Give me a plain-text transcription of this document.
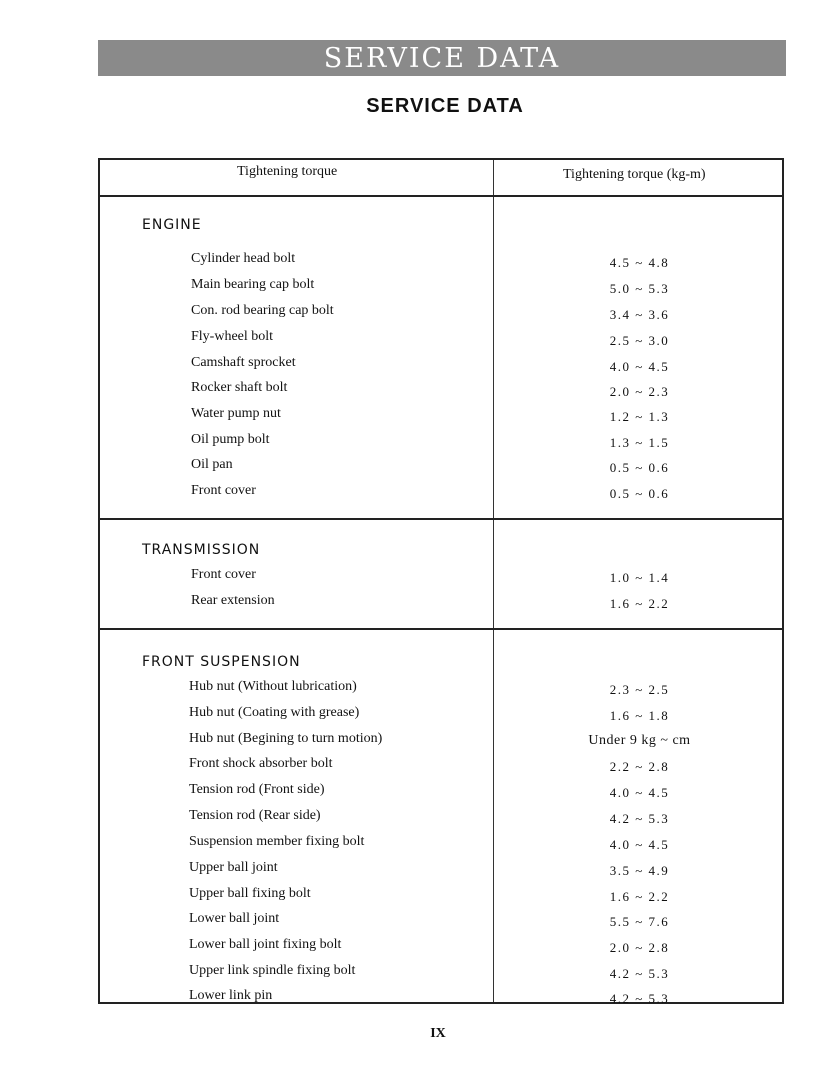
SERVICE DATA
SERVICE DATA
Tightening torque	Tightening torque (kg-m)
ENGINE
Cylinder head bolt	4.5 ~ 4.8
Main bearing cap bolt	5.0 ~ 5.3
Con. rod bearing cap bolt	3.4 ~ 3.6
Fly-wheel bolt	2.5 ~ 3.0
Camshaft sprocket	4.0 ~ 4.5
Rocker shaft bolt	2.0 ~ 2.3
Water pump nut	1.2 ~ 1.3
Oil pump bolt	1.3 ~ 1.5
Oil pan	0.5 ~ 0.6
Front cover	0.5 ~ 0.6
TRANSMISSION
Front cover	1.0 ~ 1.4
Rear extension	1.6 ~ 2.2
FRONT SUSPENSION
Hub nut (Without lubrication)	2.3 ~ 2.5
Hub nut (Coating with grease)	1.6 ~ 1.8
Hub nut (Begining to turn motion)	Under 9 kg ~ cm
Front shock absorber bolt	2.2 ~ 2.8
Tension rod (Front side)	4.0 ~ 4.5
Tension rod (Rear side)	4.2 ~ 5.3
Suspension member fixing bolt	4.0 ~ 4.5
Upper ball joint	3.5 ~ 4.9
Upper ball fixing bolt	1.6 ~ 2.2
Lower ball joint	5.5 ~ 7.6
Lower ball joint fixing bolt	2.0 ~ 2.8
Upper link spindle fixing bolt	4.2 ~ 5.3
Lower link pin	4.2 ~ 5.3
IX
